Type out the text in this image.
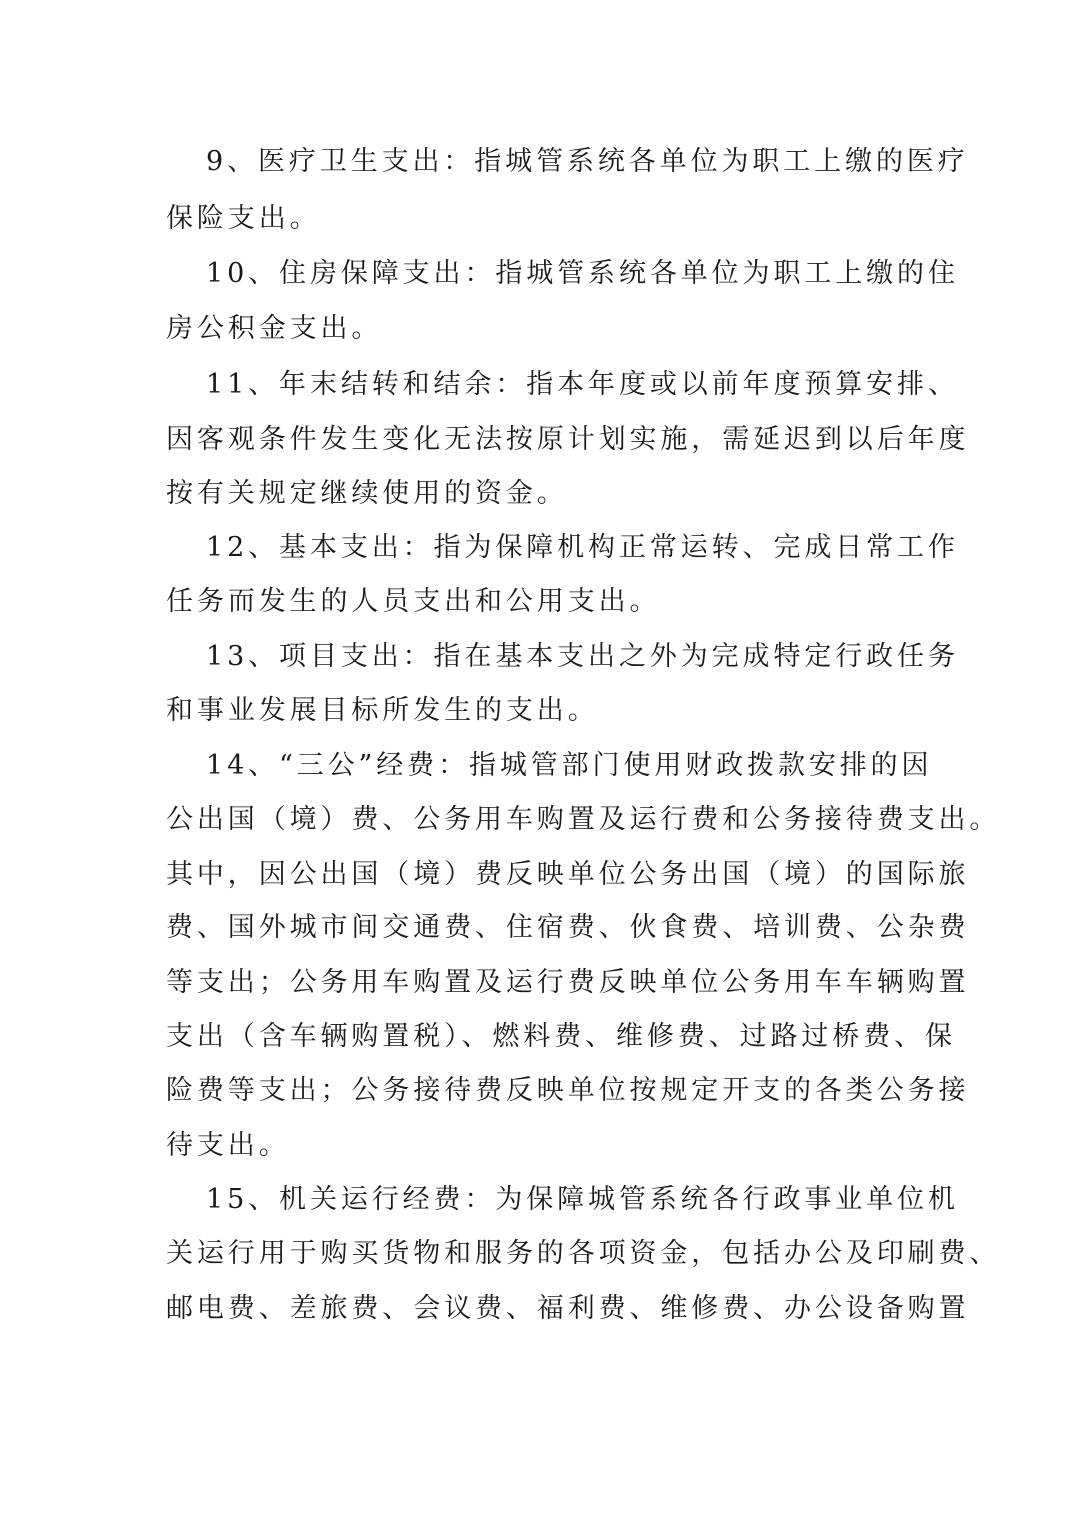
9、医疗卫生支出：指城管系统各单位为职工上缴的医疗
保险支出。
10、住房保障支出：指城管系统各单位为职工上缴的住
房公积金支出。
11、年末结转和结余：指本年度或以前年度预算安排、
因客观条件发生变化无法按原计划实施，需延迟到以后年度
按有关规定继续使用的资金。
12、基本支出：指为保障机构正常运转、完成日常工作
任务而发生的人员支出和公用支出。
13、项目支出：指在基本支出之外为完成特定行政任务
和事业发展目标所发生的支出。
14、“三公”经费：指城管部门使用财政拨款安排的因
公出国（境）费、公务用车购置及运行费和公务接待费支出。
其中，因公出国（境）费反映单位公务出国（境）的国际旅
费、国外城市间交通费、住宿费、伙食费、培训费、公杂费
等支出；公务用车购置及运行费反映单位公务用车车辆购置
支出（含车辆购置税）、燃料费、维修费、过路过桥费、保
险费等支出；公务接待费反映单位按规定开支的各类公务接
待支出。
15、机关运行经费：为保障城管系统各行政事业单位机
关运行用于购买货物和服务的各项资金，包括办公及印刷费、
邮电费、差旅费、会议费、福利费、维修费、办公设备购置
